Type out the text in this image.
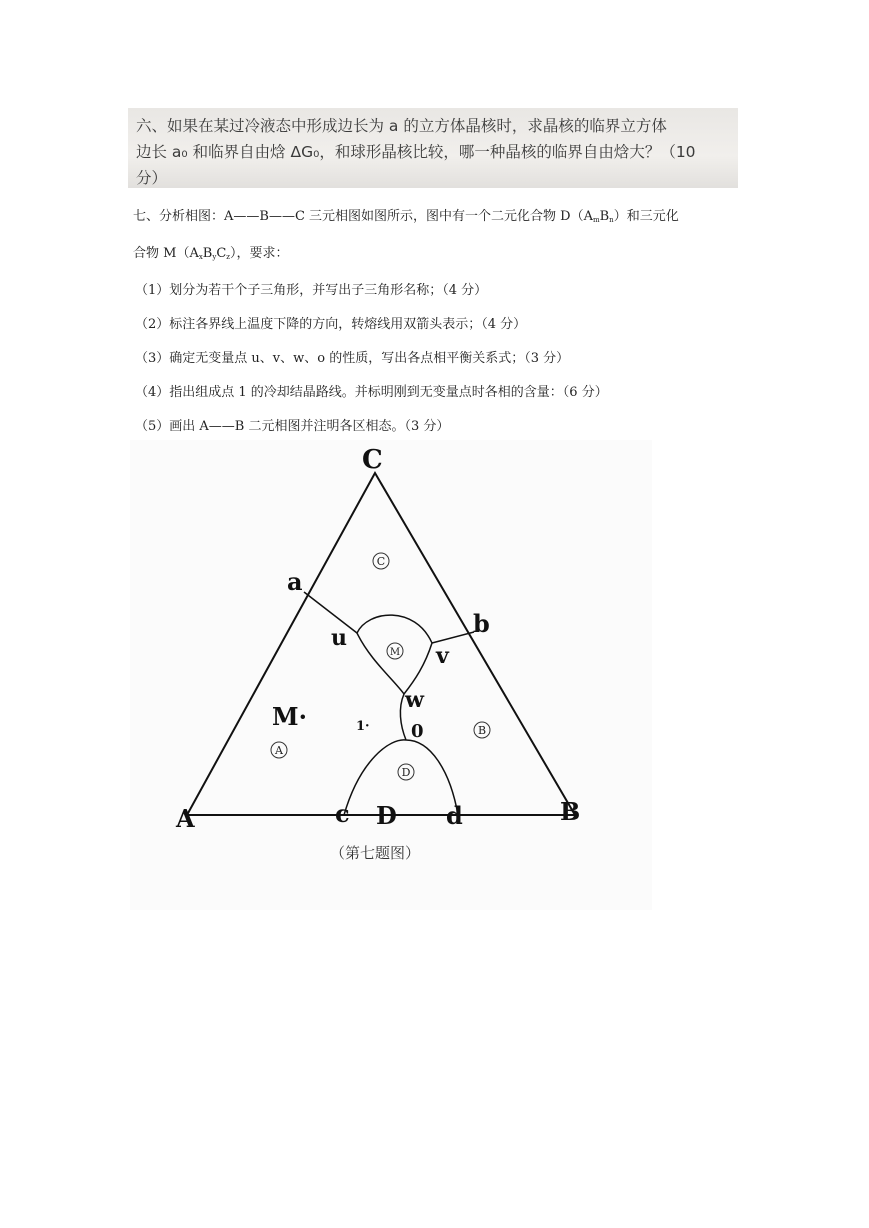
六、如果在某过冷液态中形成边长为 a 的立方体晶核时，求晶核的临界立方体
边长 a₀ 和临界自由焓 ΔG₀，和球形晶核比较，哪一种晶核的临界自由焓大？（10
分）

七、分析相图：A——B——C 三元相图如图所示，图中有一个二元化合物 $D(A_mB_n)$和三元化

合物 $M(A_xB_yC_z)$，要求：

（1）划分为若干个子三角形，并写出子三角形名称；（4 分）

（2）标注各界线上温度下降的方向，转熔线用双箭头表示；（4 分）

（3）确定无变量点 u、v、w、o 的性质，写出各点相平衡关系式；（3 分）

（4）指出组成点 1 的冷却结晶路线。并标明刚到无变量点时各相的含量：（6 分）

（5）画出 A——B 二元相图并注明各区相态。（3 分）

C
A	B
a
b
u
v
w
0
c	d
D
M·	1·
C
M
A
B
D
（第七题图）
